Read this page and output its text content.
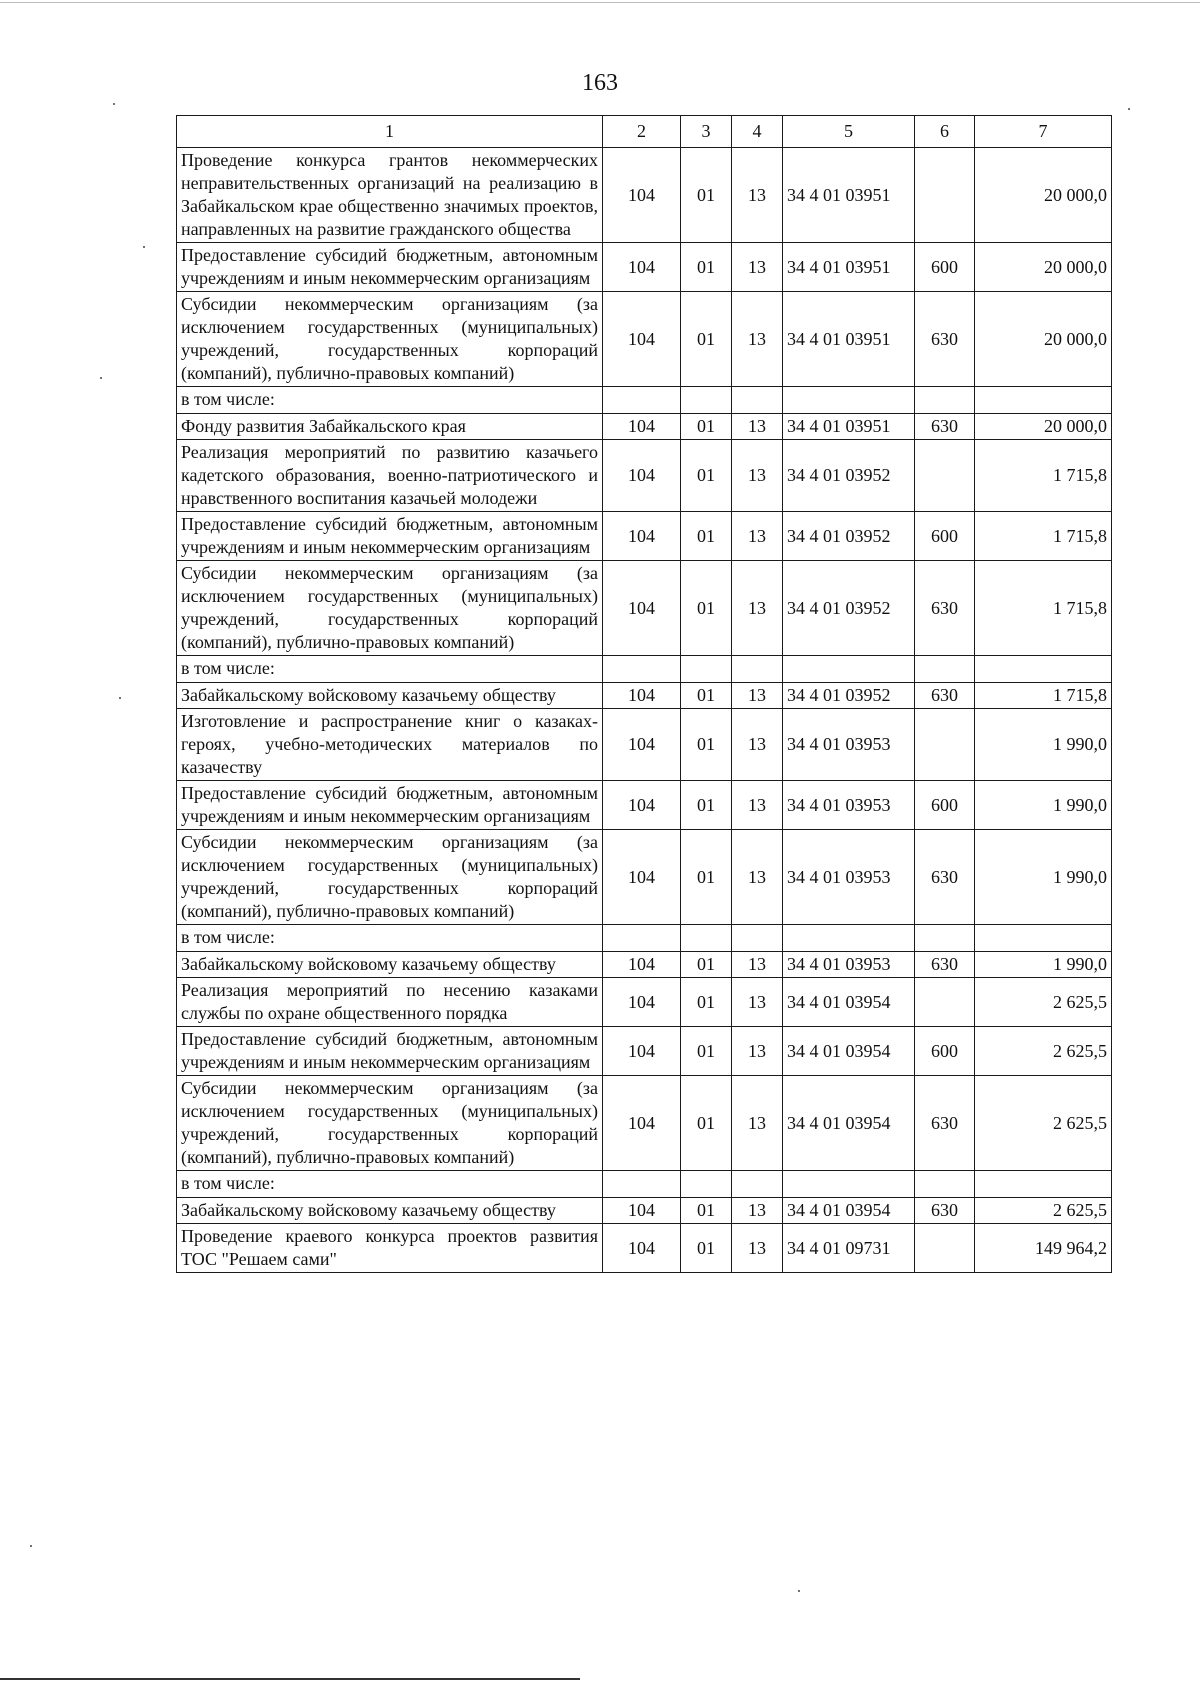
163
1	2	3	4	5	6	7
Проведение конкурса грантов некоммерческих неправительственных организаций на реализацию в Забайкальском крае общественно значимых проектов, направленных на развитие гражданского общества	104	01	13	34 4 01 03951		20 000,0
Предоставление субсидий бюджетным, автономным учреждениям и иным некоммерческим организациям	104	01	13	34 4 01 03951	600	20 000,0
Субсидии некоммерческим организациям (за исключением государственных (муниципальных) учреждений, государственных корпораций (компаний), публично-правовых компаний)	104	01	13	34 4 01 03951	630	20 000,0
в том числе:						
Фонду развития Забайкальского края	104	01	13	34 4 01 03951	630	20 000,0
Реализация мероприятий по развитию казачьего кадетского образования, военно-патриотического и нравственного воспитания казачьей молодежи	104	01	13	34 4 01 03952		1 715,8
Предоставление субсидий бюджетным, автономным учреждениям и иным некоммерческим организациям	104	01	13	34 4 01 03952	600	1 715,8
Субсидии некоммерческим организациям (за исключением государственных (муниципальных) учреждений, государственных корпораций (компаний), публично-правовых компаний)	104	01	13	34 4 01 03952	630	1 715,8
в том числе:						
Забайкальскому войсковому казачьему обществу	104	01	13	34 4 01 03952	630	1 715,8
Изготовление и распространение книг о казаках-героях, учебно-методических материалов по казачеству	104	01	13	34 4 01 03953		1 990,0
Предоставление субсидий бюджетным, автономным учреждениям и иным некоммерческим организациям	104	01	13	34 4 01 03953	600	1 990,0
Субсидии некоммерческим организациям (за исключением государственных (муниципальных) учреждений, государственных корпораций (компаний), публично-правовых компаний)	104	01	13	34 4 01 03953	630	1 990,0
в том числе:						
Забайкальскому войсковому казачьему обществу	104	01	13	34 4 01 03953	630	1 990,0
Реализация мероприятий по несению казаками службы по охране общественного порядка	104	01	13	34 4 01 03954		2 625,5
Предоставление субсидий бюджетным, автономным учреждениям и иным некоммерческим организациям	104	01	13	34 4 01 03954	600	2 625,5
Субсидии некоммерческим организациям (за исключением государственных (муниципальных) учреждений, государственных корпораций (компаний), публично-правовых компаний)	104	01	13	34 4 01 03954	630	2 625,5
в том числе:						
Забайкальскому войсковому казачьему обществу	104	01	13	34 4 01 03954	630	2 625,5
Проведение краевого конкурса проектов развития ТОС "Решаем сами"	104	01	13	34 4 01 09731		149 964,2
